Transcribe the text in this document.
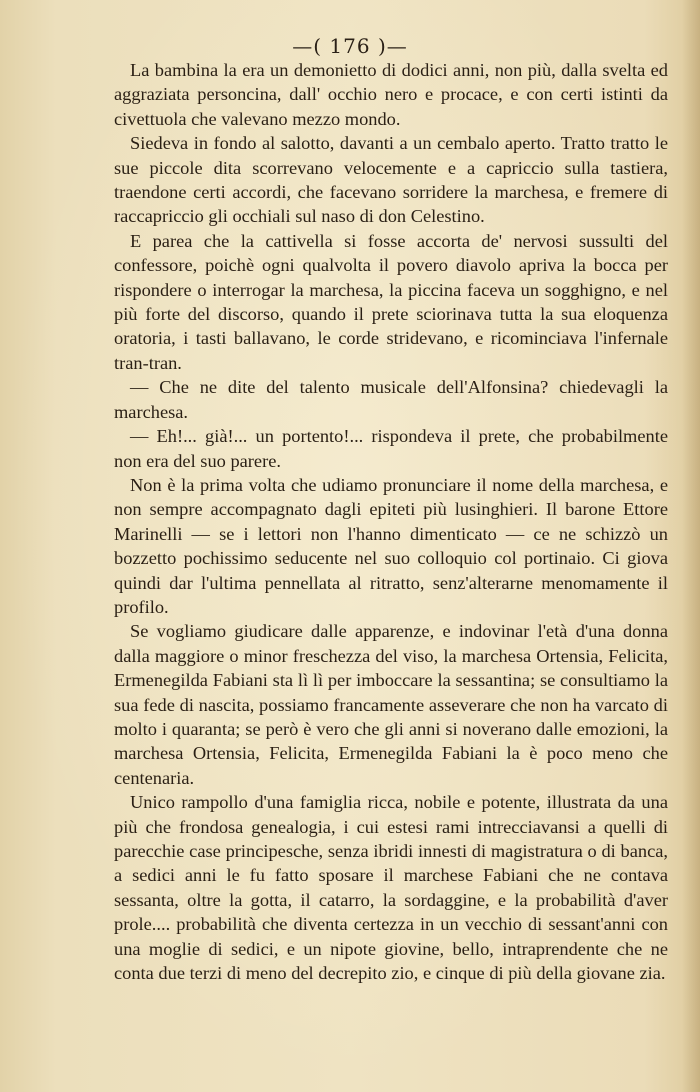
—( 176 )—

La bambina la era un demonietto di dodici anni, non più, dalla svelta ed aggraziata personcina, dall' occhio nero e procace, e con certi istinti da civettuola che valevano mezzo mondo.

Siedeva in fondo al salotto, davanti a un cembalo aperto. Tratto tratto le sue piccole dita scorrevano velocemente e a capriccio sulla tastiera, traendone certi accordi, che facevano sorridere la marchesa, e fremere di raccapriccio gli occhiali sul naso di don Celestino.

E parea che la cattivella si fosse accorta de' nervosi sussulti del confessore, poichè ogni qualvolta il povero diavolo apriva la bocca per rispondere o interrogar la marchesa, la piccina faceva un sogghigno, e nel più forte del discorso, quando il prete sciorinava tutta la sua eloquenza oratoria, i tasti ballavano, le corde stridevano, e ricominciava l'infernale tran-tran.

— Che ne dite del talento musicale dell'Alfonsina? chiedevagli la marchesa.

— Eh!... già!... un portento!... rispondeva il prete, che probabilmente non era del suo parere.

Non è la prima volta che udiamo pronunciare il nome della marchesa, e non sempre accompagnato dagli epiteti più lusinghieri. Il barone Ettore Marinelli — se i lettori non l'hanno dimenticato — ce ne schizzò un bozzetto pochissimo seducente nel suo colloquio col portinaio. Ci giova quindi dar l'ultima pennellata al ritratto, senz'alterarne menomamente il profilo.

Se vogliamo giudicare dalle apparenze, e indovinar l'età d'una donna dalla maggiore o minor freschezza del viso, la marchesa Ortensia, Felicita, Ermenegilda Fabiani sta lì lì per imboccare la sessantina; se consultiamo la sua fede di nascita, possiamo francamente asseverare che non ha varcato di molto i quaranta; se però è vero che gli anni si noverano dalle emozioni, la marchesa Ortensia, Felicita, Ermenegilda Fabiani la è poco meno che centenaria.

Unico rampollo d'una famiglia ricca, nobile e potente, illustrata da una più che frondosa genealogia, i cui estesi rami intrecciavansi a quelli di parecchie case principesche, senza ibridi innesti di magistratura o di banca, a sedici anni le fu fatto sposare il marchese Fabiani che ne contava sessanta, oltre la gotta, il catarro, la sordaggine, e la probabilità d'aver prole.... probabilità che diventa certezza in un vecchio di sessant'anni con una moglie di sedici, e un nipote giovine, bello, intraprendente che ne conta due terzi di meno del decrepito zio, e cinque di più della giovane zia.
